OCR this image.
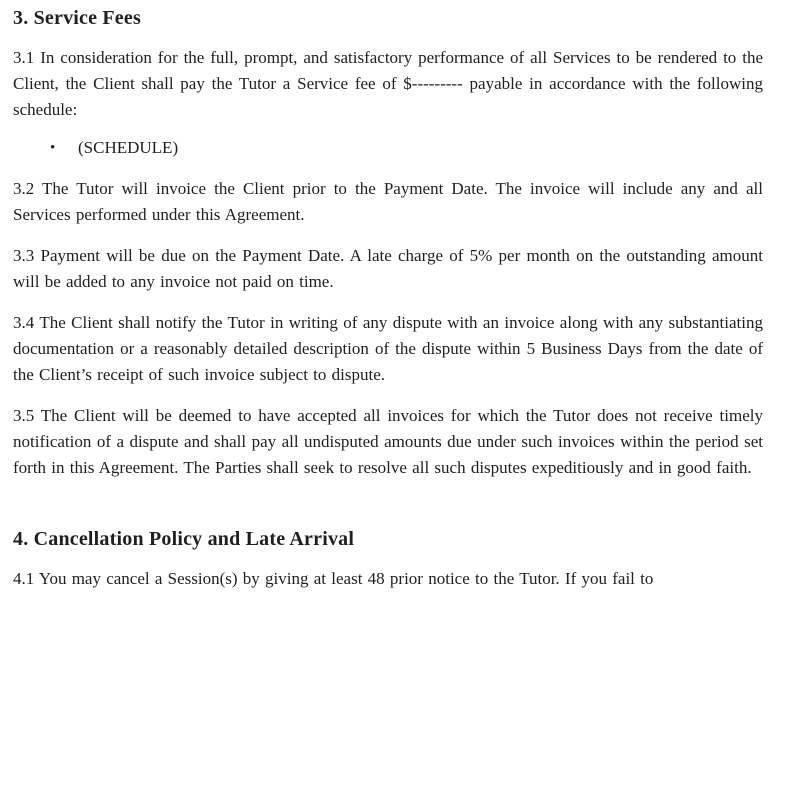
3. Service Fees

3.1 In consideration for the full, prompt, and satisfactory performance of all Services to be rendered to the Client, the Client shall pay the Tutor a Service fee of $--------- payable in accordance with the following schedule:

•	(SCHEDULE)

3.2 The Tutor will invoice the Client prior to the Payment Date. The invoice will include any and all Services performed under this Agreement.

3.3 Payment will be due on the Payment Date. A late charge of 5% per month on the outstanding amount will be added to any invoice not paid on time.

3.4 The Client shall notify the Tutor in writing of any dispute with an invoice along with any substantiating documentation or a reasonably detailed description of the dispute within 5 Business Days from the date of the Client’s receipt of such invoice subject to dispute.

3.5 The Client will be deemed to have accepted all invoices for which the Tutor does not receive timely notification of a dispute and shall pay all undisputed amounts due under such invoices within the period set forth in this Agreement. The Parties shall seek to resolve all such disputes expeditiously and in good faith.

4. Cancellation Policy and Late Arrival

4.1 You may cancel a Session(s) by giving at least 48 prior notice to the Tutor. If you fail to
